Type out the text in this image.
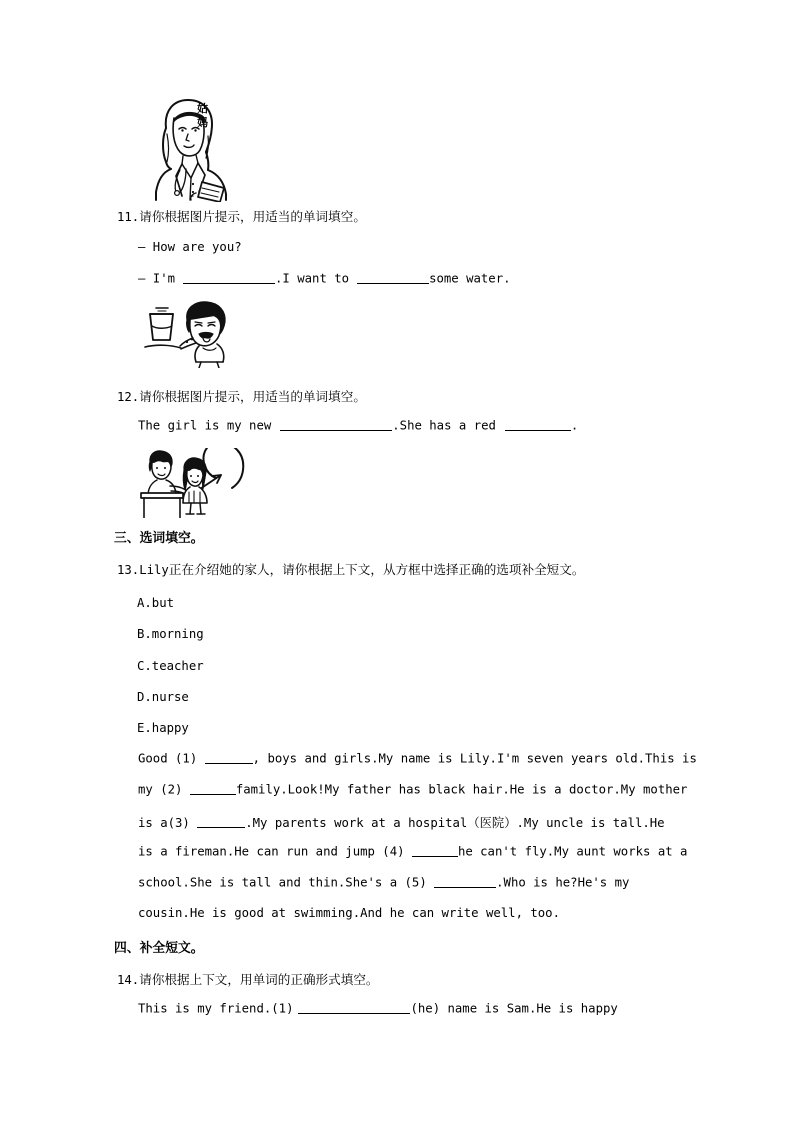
姑妈
11.请你根据图片提示，用适当的单词填空。
— How are you?
— I'm	.I want to	some water.
12.请你根据图片提示，用适当的单词填空。
The girl is my new	.She has a red	.
三、选词填空。
13.Lily正在介绍她的家人，请你根据上下文，从方框中选择正确的选项补全短文。
A.but
B.morning
C.teacher
D.nurse
E.happy
Good (1)	, boys and girls.My name is Lily.I'm seven years old.This is
my (2)	family.Look!My father has black hair.He is a doctor.My mother
is a(3)	.My parents work at a hospital（医院）.My uncle is tall.He
is a fireman.He can run and jump (4)	he can't fly.My aunt works at a
school.She is tall and thin.She's a (5)	.Who is he?He's my
cousin.He is good at swimming.And he can write well, too.
四、补全短文。
14.请你根据上下文，用单词的正确形式填空。
This is my friend.(1)	(he) name is Sam.He is happy
